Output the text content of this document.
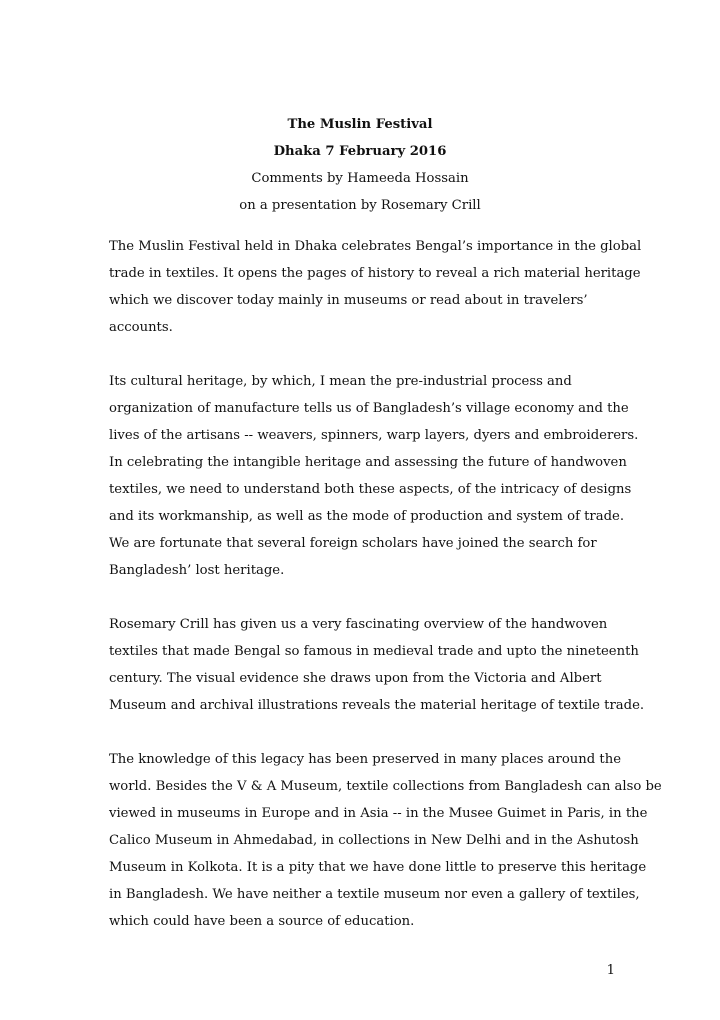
The Muslin Festival
Dhaka 7 February 2016
Comments by Hameeda Hossain
on a presentation by Rosemary Crill
The Muslin Festival held in Dhaka celebrates Bengal’s importance in the global
trade in textiles. It opens the pages of history to reveal a rich material heritage
which we discover today mainly in museums or read about in travelers’
accounts.
Its cultural heritage, by which, I mean the pre-industrial process and
organization of manufacture tells us of Bangladesh’s village economy and the
lives of the artisans -- weavers, spinners, warp layers, dyers and embroiderers.
In celebrating the intangible heritage and assessing the future of handwoven
textiles, we need to understand both these aspects, of the intricacy of designs
and its workmanship, as well as the mode of production and system of trade.
We are fortunate that several foreign scholars have joined the search for
Bangladesh’ lost heritage.
Rosemary Crill has given us a very fascinating overview of the handwoven
textiles that made Bengal so famous in medieval trade and upto the nineteenth
century. The visual evidence she draws upon from the Victoria and Albert
Museum and archival illustrations reveals the material heritage of textile trade.
The knowledge of this legacy has been preserved in many places around the
world. Besides the V & A Museum, textile collections from Bangladesh can also be
viewed in museums in Europe and in Asia -- in the Musee Guimet in Paris, in the
Calico Museum in Ahmedabad, in collections in New Delhi and in the Ashutosh
Museum in Kolkota. It is a pity that we have done little to preserve this heritage
in Bangladesh. We have neither a textile museum nor even a gallery of textiles,
which could have been a source of education.
1
